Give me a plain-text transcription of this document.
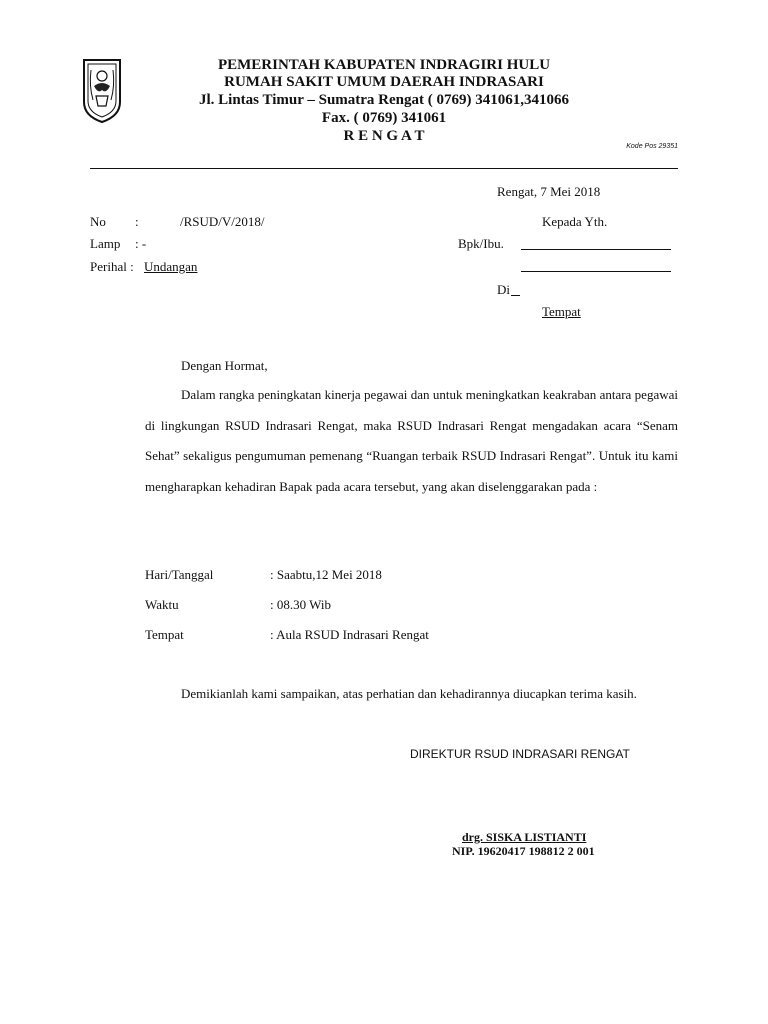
PEMERINTAH KABUPATEN INDRAGIRI HULU
RUMAH SAKIT UMUM DAERAH INDRASARI
Jl. Lintas Timur – Sumatra Rengat ( 0769) 341061,341066
Fax. ( 0769) 341061
R E N G A T
Kode Pos 29351
Rengat, 7 Mei 2018
No :	/RSUD/V/2018/
Lamp : -
Perihal : Undangan
Kepada Yth.
Bpk/Ibu.
Di
Tempat
Dengan Hormat,
Dalam rangka peningkatan kinerja pegawai dan untuk meningkatkan keakraban antara pegawai di lingkungan RSUD Indrasari Rengat, maka RSUD Indrasari Rengat mengadakan acara “Senam Sehat” sekaligus pengumuman pemenang “Ruangan terbaik RSUD Indrasari Rengat”. Untuk itu kami mengharapkan kehadiran Bapak pada acara tersebut, yang akan diselenggarakan pada :
Hari/Tanggal	: Saabtu,12 Mei 2018
Waktu	: 08.30 Wib
Tempat	: Aula RSUD Indrasari Rengat
Demikianlah kami sampaikan, atas perhatian dan kehadirannya diucapkan terima kasih.
DIREKTUR RSUD INDRASARI RENGAT
drg. SISKA LISTIANTI
NIP. 19620417 198812 2 001
